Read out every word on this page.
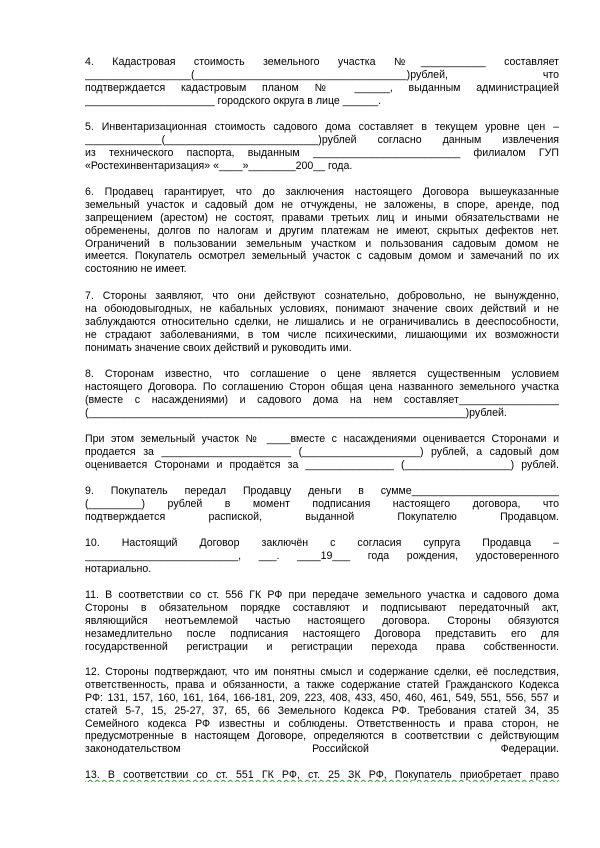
4. Кадастровая стоимость земельного участка №___________ составляет
__________________(____________________________________)рублей, что
подтверждается кадастровым планом № ______, выданным администрацией
______________________ городского округа в лице ______.
5. Инвентаризационная стоимость садового дома составляет в текущем уровне цен –
_____________(__________________________)рублей согласно данным извлечения
из технического паспорта, выданным _________________________ филиалом ГУП
«Ростехинвентаризация» «____»________200__ года.
6. Продавец гарантирует, что до заключения настоящего Договора вышеуказанные
земельный участок и садовый дом не отчуждены, не заложены, в споре, аренде, под
запрещением (арестом) не состоят, правами третьих лиц и иными обязательствами не
обременены, долгов по налогам и другим платежам не имеют, скрытых дефектов нет.
Ограничений в пользовании земельным участком и пользования садовым домом не
имеется. Покупатель осмотрел земельный участок с садовым домом и замечаний по их
состоянию не имеет.
7. Стороны заявляют, что они действуют сознательно, добровольно, не вынужденно,
на обоюдовыгодных, не кабальных условиях, понимают значение своих действий и не
заблуждаются относительно сделки, не лишались и не ограничивались в дееспособности,
не страдают заболеваниями, в том числе психическими, лишающими их возможности
понимать значение своих действий и руководить ими.
8. Сторонам известно, что соглашение о цене является существенным условием
настоящего Договора. По соглашению Сторон общая цена названного земельного участка
(вместе с насаждениями) и садового дома на нем составляет_________________
(________________________________________________________________)рублей.
При этом земельный участок № ____вместе с насаждениями оценивается Сторонами и
продается за ______________________ (____________________) рублей, а садовый дом
оценивается Сторонами и продаётся за _______________ (__________________) рублей.
9. Покупатель передал Продавцу деньги в сумме_________________________
(_________) рублей в момент подписания настоящего договора, что
подтверждается распиской, выданной Покупателю Продавцом.
10. Настоящий Договор заключён с согласия супруга Продавца –
__________________________, ___. ____19___ года рождения, удостоверенного
нотариально.
11. В соответствии со ст. 556 ГК РФ при передаче земельного участка и садового дома
Стороны в обязательном порядке составляют и подписывают передаточный акт,
являющийся неотъемлемой частью настоящего договора. Стороны обязуются
незамедлительно после подписания настоящего Договора представить его для
государственной регистрации и регистрации перехода права собственности.
12. Стороны подтверждают, что им понятны смысл и содержание сделки, её последствия,
ответственность, права и обязанности, а также содержание статей Гражданского Кодекса
РФ: 131, 157, 160, 161, 164, 166-181, 209, 223, 408, 433, 450, 460, 461, 549, 551, 556, 557 и
статей 5-7, 15, 25-27, 37, 65, 66 Земельного Кодекса РФ. Требования статей 34, 35
Семейного кодекса РФ известны и соблюдены. Ответственность и права сторон, не
предусмотренные в настоящем Договоре, определяются в соответствии с действующим
законодательством Российской Федерации.
13. В соответствии со ст. 551 ГК РФ, ст. 25 ЗК РФ, Покупатель приобретает право
